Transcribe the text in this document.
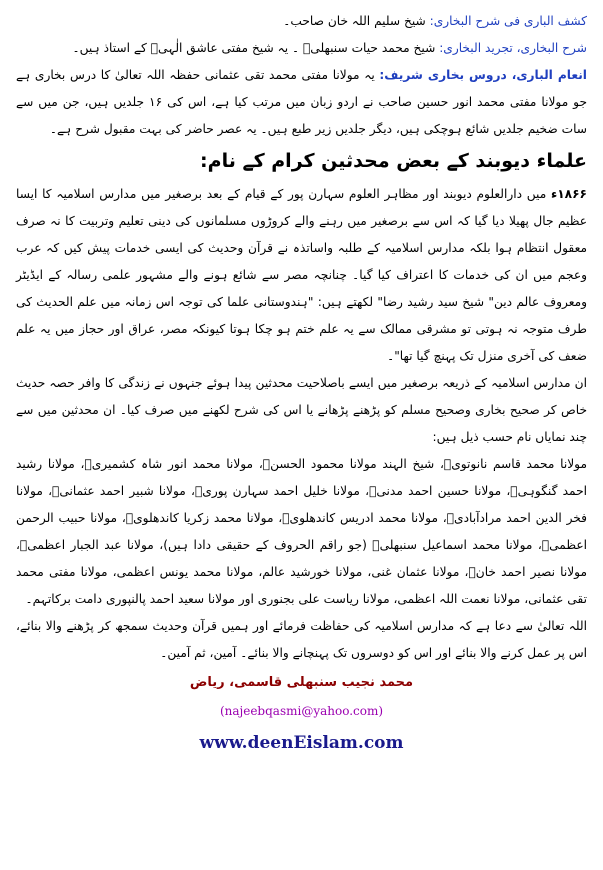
کشف الباری فی شرح البخاری: شیخ سلیم اللہ خان صاحب۔

شرح البخاری، تجرید البخاری: شیخ محمد حیات سنبھلیؒ ۔ یہ شیخ مفتی عاشق الٰہیؒ کے استاذ ہیں۔

انعام الباری، دروس بخاری شریف: یہ مولانا مفتی محمد تقی عثمانی حفظہ اللہ تعالیٰ کا درس بخاری ہے جو مولانا مفتی محمد انور حسین صاحب نے اردو زبان میں مرتب کیا ہے، اس کی ۱۶ جلدیں ہیں، جن میں سے سات ضخیم جلدیں شائع ہوچکی ہیں، دیگر جلدیں زیر طبع ہیں۔ یہ عصر حاضر کی بہت مقبول شرح ہے۔

علماء دیوبند کے بعض محدثین کرام کے نام:

۱۸۶۶ء میں دارالعلوم دیوبند اور مظاہر العلوم سہارن پور کے قیام کے بعد برصغیر میں مدارس اسلامیہ کا ایسا عظیم جال پھیلا دیا گیا کہ اس سے برصغیر میں رہنے والے کروڑوں مسلمانوں کی دینی تعلیم وتربیت کا نہ صرف معقول انتظام ہوا بلکہ مدارس اسلامیہ کے طلبہ واساتذہ نے قرآن وحدیث کی ایسی خدمات پیش کیں کہ عرب وعجم میں ان کی خدمات کا اعتراف کیا گیا۔ چنانچہ مصر سے شائع ہونے والے مشہور علمی رسالہ کے ایڈیٹر ومعروف عالم دین" شیخ سید رشید رضا" لکھتے ہیں: "ہندوستانی علما کی توجہ اس زمانہ میں علم الحدیث کی طرف متوجہ نہ ہوتی تو مشرقی ممالک سے یہ علم ختم ہو چکا ہوتا کیونکہ مصر، عراق اور حجاز میں یہ علم ضعف کی آخری منزل تک پہنچ گیا تھا"۔

ان مدارس اسلامیہ کے ذریعہ برصغیر میں ایسے باصلاحیت محدثین پیدا ہوئے جنہوں نے زندگی کا وافر حصہ حدیث خاص کر صحیح بخاری وصحیح مسلم کو پڑھنے پڑھانے یا اس کی شرح لکھنے میں صرف کیا۔ ان محدثین میں سے چند نمایاں نام حسب ذیل ہیں:

مولانا محمد قاسم نانوتویؒ، شیخ الہند مولانا محمود الحسنؒ، مولانا محمد انور شاہ کشمیریؒ، مولانا رشید احمد گنگوہیؒ، مولانا حسین احمد مدنیؒ، مولانا خلیل احمد سہارن پوریؒ، مولانا شبیر احمد عثمانیؒ، مولانا فخر الدین احمد مرادآبادیؒ، مولانا محمد ادریس کاندھلویؒ، مولانا محمد زکریا کاندھلویؒ، مولانا حبیب الرحمن اعظمیؒ، مولانا محمد اسماعیل سنبھلیؒ (جو راقم الحروف کے حقیقی دادا ہیں)، مولانا عبد الجبار اعظمیؒ، مولانا نصیر احمد خانؒ، مولانا عثمان غنی، مولانا خورشید عالم، مولانا محمد یونس اعظمی، مولانا مفتی محمد تقی عثمانی، مولانا نعمت اللہ اعظمی، مولانا ریاست علی بجنوری اور مولانا سعید احمد پالنپوری دامت برکاتہم۔

اللہ تعالیٰ سے دعا ہے کہ مدارس اسلامیہ کی حفاظت فرمائے اور ہمیں قرآن وحدیث سمجھ کر پڑھنے والا بنائے، اس پر عمل کرنے والا بنائے اور اس کو دوسروں تک پہنچانے والا بنائے۔ آمین، ثم آمین۔

محمد نجیب سنبھلی قاسمی، ریاض
(najeebqasmi@yahoo.com)
www.deenEislam.com
